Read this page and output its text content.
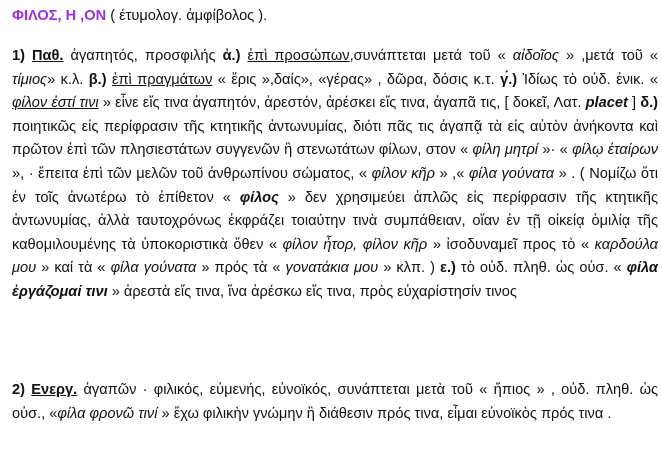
ΦΙΛΟΣ, Η ,ΟΝ ( έτυμολογ. ἀμφίβολος ).
1) Παθ. ἀγαπητός, προσφιλής ἀ.) ἐπὶ προσώπων,συνάπτεται μετά τοῦ « αἰδοῖος » ,μετά τοῦ « τίμιος» κ.λ. β.) ἐπὶ πραγμάτων « ἔρις »,δαίς», «γέρας» , δῶρα, δόσις κ.τ. γ́.) Ἰδίως τὸ οὐδ. ἐνικ. « φίλον ἐστί τινι » εἶνε εἴς τινα ἀγαπητόν, ἀρεστόν, ἀρέσκει εἴς τινα, ἀγαπᾶ τις, [ δοκεῖ, Λατ. placet ] δ.) ποιητικῶς εἰς περίφρασιν τῆς κτητικῆς ἀντωνυμίας, διότι πᾶς τις ἀγαπᾷ τὰ εἰς αὐτὸν ἀνήκοντα καὶ πρῶτον ἐπὶ τῶν πλησιεστάτων συγγενῶν ἢ στενωτάτων φίλων, στον « φίλη μητρί »· « φίλῳ ἑταίρων », · ἔπειτα ἐπὶ τῶν μελῶν τοῦ ἀνθρωπίνου σώματος, « φίλον κῆρ » ,« φίλα γούνατα » . ( Νομίζω ὅτι ἐν τοῖς ἀνωτέρω τὸ ἐπίθετον « φίλος » δεν χρησιμεύει ἁπλῶς εἰς περίφρασιν τῆς κτητικῆς ἀντωνυμίας, ἀλλὰ ταυτοχρόνως ἐκφράζει τοιαύτην τινὰ συμπάθειαν, οἵαν ἐν τῇ οἰκείᾳ ὁμιλίᾳ τῆς καθομιλουμένης τὰ ὑποκοριστικὰ ὅθεν « φίλον ἦτορ, φίλον κῆρ » ἰσοδυναμεῖ προς τὸ « καρδούλα μου » καί τὰ « φίλα γούνατα » πρός τὰ « γονατάκια μου » κλπ. ) ε.) τὸ οὐδ. πληθ. ὡς οὐσ. « φίλα ἐργάζομαί τινι » ἀρεστὰ εἴς τινα, ἵνα ἀρέσκω εἴς τινα, πρὸς εὐχαρίστησίν τινος
2) Ενεργ. ἀγαπῶν · φιλικός, εὐμενής, εὐνοϊκός, συνάπτεται μετὰ τοῦ « ἤπιος » , οὐδ. πληθ. ὡς οὐσ., «φίλα φρονῶ τινί » ἔχω φιλικὴν γνώμην ἢ διάθεσιν πρός τινα, εἶμαι εὐνοϊκὸς πρός τινα .
